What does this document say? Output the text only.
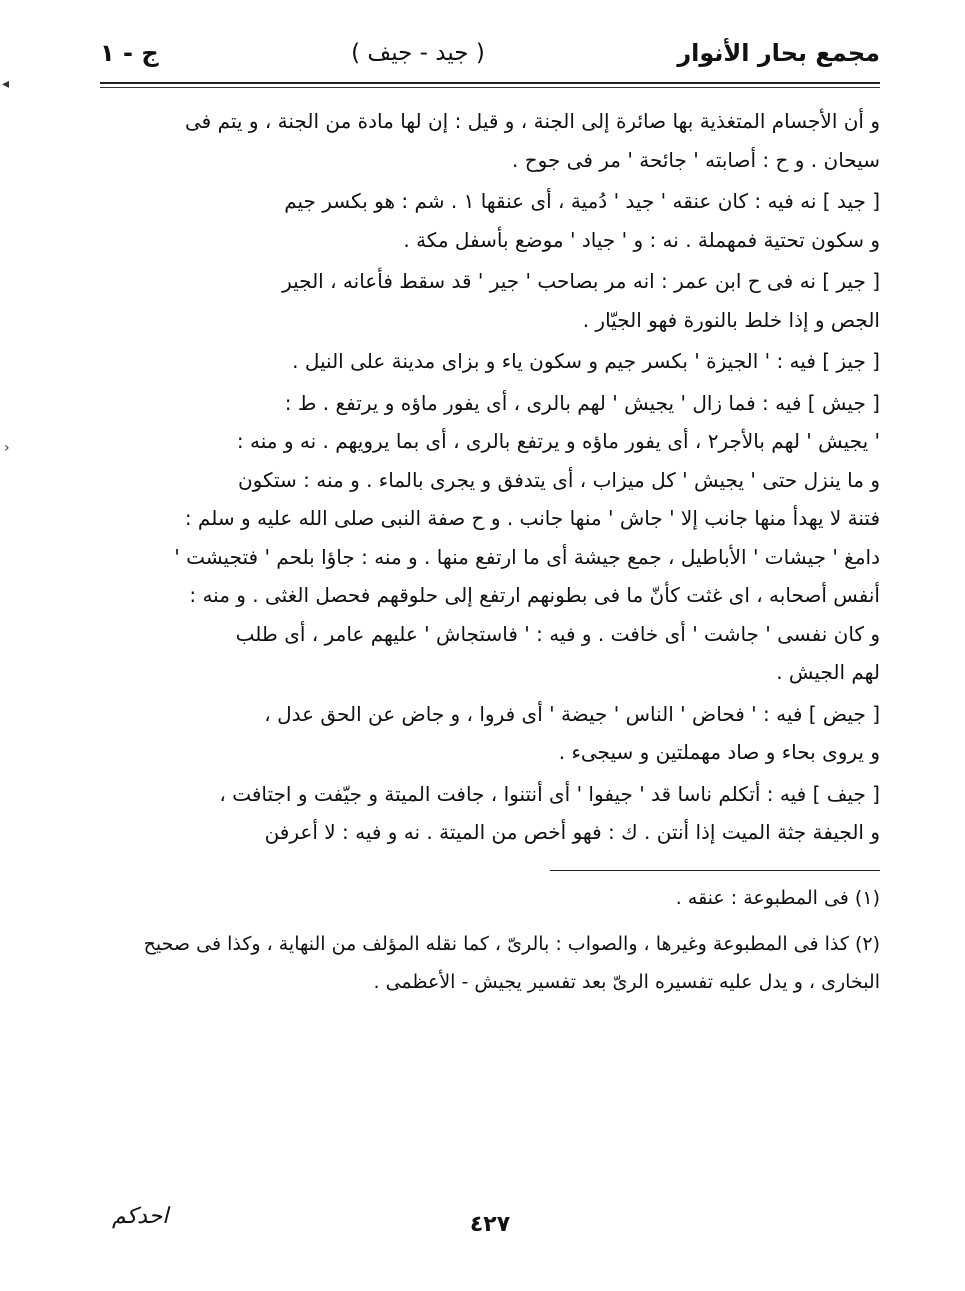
مجمع بحار الأنوار
( جيد - جيف )
ج - ١
و أن الأجسام المتغذية بها صائرة إلى الجنة ، و قيل : إن لها مادة من الجنة ، و يتم فى
سيحان . و ح : أصابته ' جائحة ' مر فى جوح .
[ جيد ] نه فيه : كان عنقه ' جيد ' دُمية ، أى عنقها ١ . شم : هو بكسر جيم
و سكون تحتية فمهملة . نه : و ' جياد ' موضع بأسفل مكة .
[ جير ] نه فى ح ابن عمر : انه مر بصاحب ' جير ' قد سقط فأعانه ، الجير
الجص و إذا خلط بالنورة فهو الجيّار .
[ جيز ] فيه : ' الجيزة ' بكسر جيم و سكون ياء و بزاى مدينة على النيل .
[ جيش ] فيه : فما زال ' يجيش ' لهم بالرى ، أى يفور ماؤه و يرتفع . ط :
' يجيش ' لهم بالأجر٢ ، أى يفور ماؤه و يرتفع بالرى ، أى بما يرويهم . نه و منه :
و ما ينزل حتى ' يجيش ' كل ميزاب ، أى يتدفق و يجرى بالماء . و منه : ستكون
فتنة لا يهدأ منها جانب إلا ' جاش ' منها جانب . و ح صفة النبى صلى الله عليه و سلم :
دامغ ' جيشات ' الأباطيل ، جمع جيشة أى ما ارتفع منها . و منه : جاؤا بلحم ' فتجيشت '
أنفس أصحابه ، اى غثت كأنّ ما فى بطونهم ارتفع إلى حلوقهم فحصل الغثى . و منه :
و كان نفسى ' جاشت ' أى خافت . و فيه : ' فاستجاش ' عليهم عامر ، أى طلب
لهم الجيش .
[ جيض ] فيه : ' فحاض ' الناس ' جيضة ' أى فروا ، و جاض عن الحق عدل ،
و يروى بحاء و صاد مهملتين و سيجىء .
[ جيف ] فيه : أتكلم ناسا قد ' جيفوا ' أى أنتنوا ، جافت الميتة و جيّفت و اجتافت ،
و الجيفة جثة الميت إذا أنتن . ك : فهو أخص من الميتة . نه و فيه : لا أعرفن

(١) فى المطبوعة : عنقه .

(٢) كذا فى المطبوعة وغيرها ، والصواب : بالرىّ ، كما نقله المؤلف من النهاية ، وكذا فى صحيح البخارى ، و يدل عليه تفسيره الرىّ بعد تفسير يجيش - الأعظمى .

٤٢٧
احدكم
◂
‹
